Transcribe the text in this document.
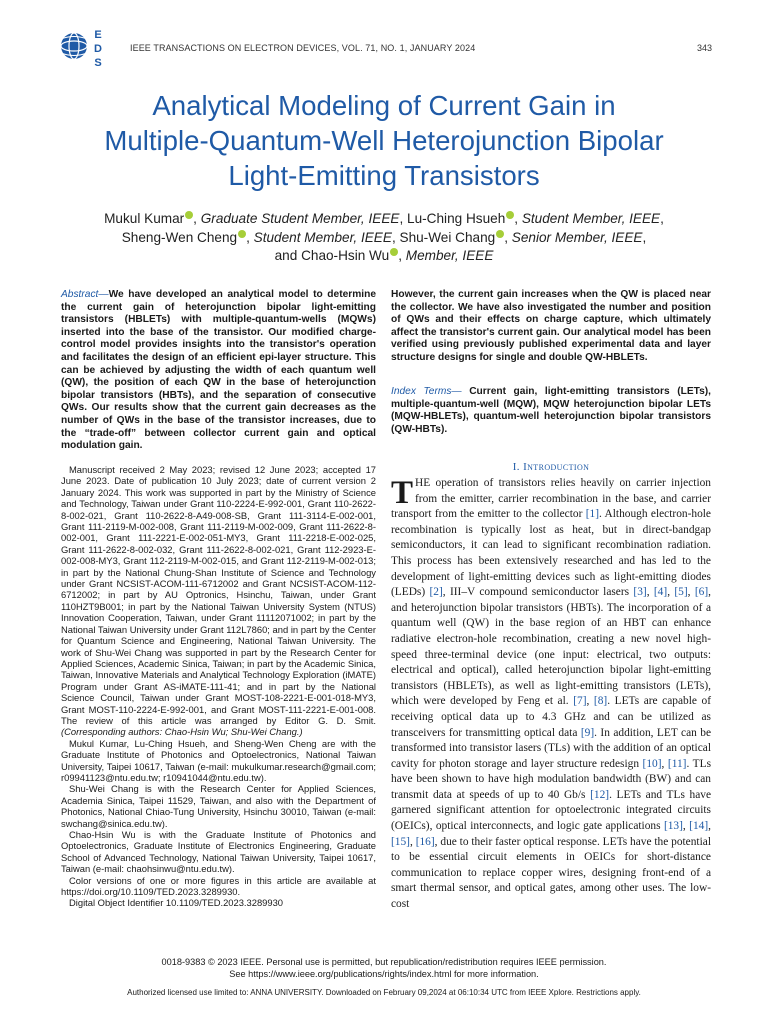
E
D
S
IEEE TRANSACTIONS ON ELECTRON DEVICES, VOL. 71, NO. 1, JANUARY 2024	343
Analytical Modeling of Current Gain in
Multiple-Quantum-Well Heterojunction Bipolar
Light-Emitting Transistors
Mukul Kumar , Graduate Student Member, IEEE, Lu-Ching Hsueh , Student Member, IEEE,
Sheng-Wen Cheng , Student Member, IEEE, Shu-Wei Chang , Senior Member, IEEE,
and Chao-Hsin Wu , Member, IEEE
Abstract—We have developed an analytical model to determine the current gain of heterojunction bipolar light-emitting transistors (HBLETs) with multiple-quantum-wells (MQWs) inserted into the base of the transistor. Our modified charge-control model provides insights into the transistor's operation and facilitates the design of an efficient epi-layer structure. This can be achieved by adjusting the width of each quantum well (QW), the position of each QW in the base of heterojunction bipolar transistors (HBTs), and the separation of consecutive QWs. Our results show that the current gain decreases as the number of QWs in the base of the transistor increases, due to the “trade-off” between collector current gain and optical modulation gain.
However, the current gain increases when the QW is placed near the collector. We have also investigated the number and position of QWs and their effects on charge capture, which ultimately affect the transistor's current gain. Our analytical model has been verified using previously published experimental data and layer structure designs for single and double QW-HBLETs.
Index Terms— Current gain, light-emitting transistors (LETs), multiple-quantum-well (MQW), MQW heterojunction bipolar LETs (MQW-HBLETs), quantum-well heterojunction bipolar transistors (QW-HBTs).

Manuscript received 2 May 2023; revised 12 June 2023; accepted 17 June 2023. Date of publication 10 July 2023; date of current version 2 January 2024. This work was supported in part by the Ministry of Science and Technology, Taiwan under Grant 110-2224-E-992-001, Grant 110-2622-8-002-021, Grant 110-2622-8-A49-008-SB, Grant 111-3114-E-002-001, Grant 111-2119-M-002-008, Grant 111-2119-M-002-009, Grant 111-2622-8-002-001, Grant 111-2221-E-002-051-MY3, Grant 111-2218-E-002-025, Grant 111-2622-8-002-032, Grant 111-2622-8-002-021, Grant 112-2923-E-002-008-MY3, Grant 112-2119-M-002-015, and Grant 112-2119-M-002-013; in part by the National Chung-Shan Institute of Science and Technology under Grant NCSIST-ACOM-111-6712002 and Grant NCSIST-ACOM-112-6712002; in part by AU Optronics, Hsinchu, Taiwan, under Grant 110HZT9B001; in part by the National Taiwan University System (NTUS) Innovation Cooperation, Taiwan, under Grant 11112071002; in part by the National Taiwan University under Grant 112L7860; and in part by the Center for Quantum Science and Engineering, National Taiwan University. The work of Shu-Wei Chang was supported in part by the Research Center for Applied Sciences, Academic Sinica, Taiwan; in part by the Academic Sinica, Taiwan, Innovative Materials and Analytical Technology Exploration (iMATE) Program under Grant AS-iMATE-111-41; and in part by the National Science Council, Taiwan under Grant MOST-108-2221-E-001-018-MY3, Grant MOST-110-2224-E-992-001, and Grant MOST-111-2221-E-001-008. The review of this article was arranged by Editor G. D. Smit. (Corresponding authors: Chao-Hsin Wu; Shu-Wei Chang.)

Mukul Kumar, Lu-Ching Hsueh, and Sheng-Wen Cheng are with the Graduate Institute of Photonics and Optoelectronics, National Taiwan University, Taipei 10617, Taiwan (e-mail: mukulkumar.research@gmail.com; r09941123@ntu.edu.tw; r10941044@ntu.edu.tw).

Shu-Wei Chang is with the Research Center for Applied Sciences, Academia Sinica, Taipei 11529, Taiwan, and also with the Department of Photonics, National Chiao-Tung University, Hsinchu 30010, Taiwan (e-mail: swchang@sinica.edu.tw).

Chao-Hsin Wu is with the Graduate Institute of Photonics and Optoelectronics, Graduate Institute of Electronics Engineering, Graduate School of Advanced Technology, National Taiwan University, Taipei 10617, Taiwan (e-mail: chaohsinwu@ntu.edu.tw).

Color versions of one or more figures in this article are available at https://doi.org/10.1109/TED.2023.3289930.

Digital Object Identifier 10.1109/TED.2023.3289930

I. Introduction
THE operation of transistors relies heavily on carrier injection from the emitter, carrier recombination in the base, and carrier transport from the emitter to the collector [1]. Although electron-hole recombination is typically lost as heat, but in direct-bandgap semiconductors, it can lead to significant recombination radiation. This process has been extensively researched and has led to the development of light-emitting devices such as light-emitting diodes (LEDs) [2], III–V compound semiconductor lasers [3], [4], [5], [6], and heterojunction bipolar transistors (HBTs). The incorporation of a quantum well (QW) in the base region of an HBT can enhance radiative electron-hole recombination, creating a new novel high-speed three-terminal device (one input: electrical, two outputs: electrical and optical), called heterojunction bipolar light-emitting transistors (HBLETs), as well as light-emitting transistors (LETs), which were developed by Feng et al. [7], [8]. LETs are capable of receiving optical data up to 4.3 GHz and can be utilized as transceivers for transmitting optical data [9]. In addition, LET can be transformed into transistor lasers (TLs) with the addition of an optical cavity for photon storage and layer structure redesign [10], [11]. TLs have been shown to have high modulation bandwidth (BW) and can transmit data at speeds of up to 40 Gb/s [12]. LETs and TLs have garnered significant attention for optoelectronic integrated circuits (OEICs), optical interconnects, and logic gate applications [13], [14], [15], [16], due to their faster optical response. LETs have the potential to be essential circuit elements in OEICs for short-distance communication to replace copper wires, designing front-end of a smart thermal sensor, and optical gates, among other uses. The low-cost
0018-9383 © 2023 IEEE. Personal use is permitted, but republication/redistribution requires IEEE permission.
See https://www.ieee.org/publications/rights/index.html for more information.
Authorized licensed use limited to: ANNA UNIVERSITY. Downloaded on February 09,2024 at 06:10:34 UTC from IEEE Xplore. Restrictions apply.
